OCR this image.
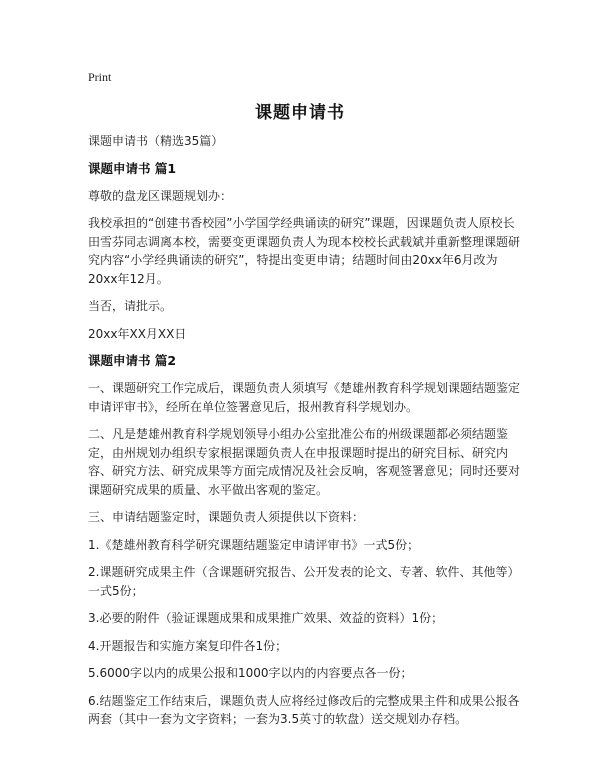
Print
课题申请书

课题申请书（精选35篇）

课题申请书 篇1

尊敬的盘龙区课题规划办：

我校承担的“创建书香校园”小学国学经典诵读的研究”课题，因课题负责人原校长田雪芬同志调离本校，需要变更课题负责人为现本校校长武载斌并重新整理课题研究内容“小学经典诵读的研究”，特提出变更申请；结题时间由20xx年6月改为20xx年12月。

当否，请批示。

20xx年XX月XX日

课题申请书 篇2

一、课题研究工作完成后，课题负责人须填写《楚雄州教育科学规划课题结题鉴定申请评审书》，经所在单位签署意见后，报州教育科学规划办。

二、凡是楚雄州教育科学规划领导小组办公室批准公布的州级课题都必须结题鉴定，由州规划办组织专家根据课题负责人在申报课题时提出的研究目标、研究内容、研究方法、研究成果等方面完成情况及社会反响，客观签署意见；同时还要对课题研究成果的质量、水平做出客观的鉴定。

三、申请结题鉴定时，课题负责人须提供以下资料：

1.《楚雄州教育科学研究课题结题鉴定申请评审书》一式5份；

2.课题研究成果主件（含课题研究报告、公开发表的论文、专著、软件、其他等）一式5份；

3.必要的附件（验证课题成果和成果推广效果、效益的资料）1份；

4.开题报告和实施方案复印件各1份；

5.6000字以内的成果公报和1000字以内的内容要点各一份；

6.结题鉴定工作结束后，课题负责人应将经过修改后的完整成果主件和成果公报各两套（其中一套为文字资料；一套为3.5英寸的软盘）送交规划办存档。
